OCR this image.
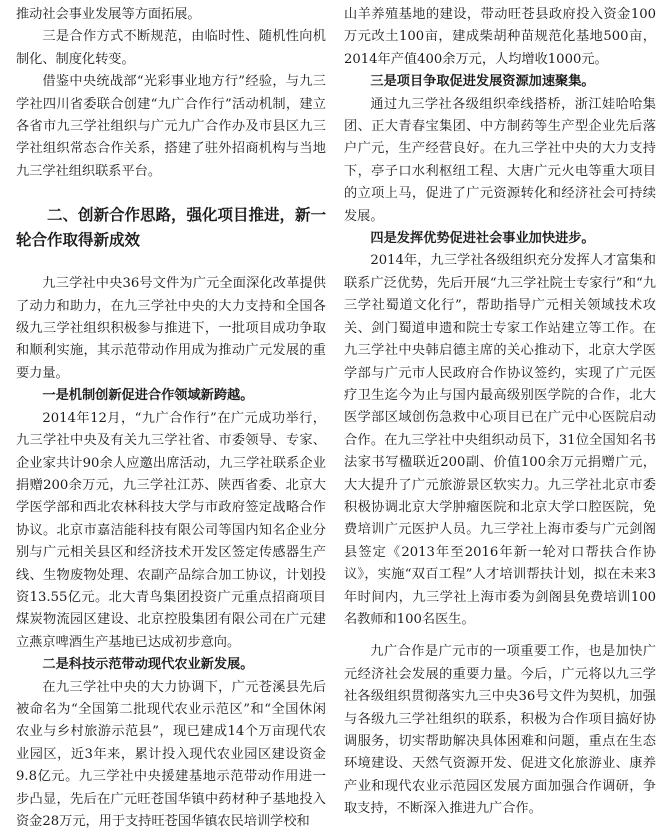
推动社会事业发展等方面拓展。

三是合作方式不断规范，由临时性、随机性向机制化、制度化转变。

借鉴中央统战部“光彩事业地方行”经验，与九三学社四川省委联合创建“九广合作行”活动机制，建立各省市九三学社组织与广元九广合作办及市县区九三学社组织常态合作关系，搭建了驻外招商机构与当地九三学社组织联系平台。

二、创新合作思路，强化项目推进，新一轮合作取得新成效

九三学社中央36号文件为广元全面深化改革提供了动力和助力，在九三学社中央的大力支持和全国各级九三学社组织积极参与推进下，一批项目成功争取和顺利实施，其示范带动作用成为推动广元发展的重要力量。

一是机制创新促进合作领域新跨越。

2014年12月，“九广合作行”在广元成功举行，九三学社中央及有关九三学社省、市委领导、专家、企业家共计90余人应邀出席活动，九三学社联系企业捐赠200余万元，九三学社江苏、陕西省委、北京大学医学部和西北农林科技大学与市政府签定战略合作协议。北京市嘉洁能科技有限公司等国内知名企业分别与广元相关县区和经济技术开发区签定传感器生产线、生物废物处理、农副产品综合加工协议，计划投资13.55亿元。北大青鸟集团投资广元重点招商项目煤炭物流园区建设、北京控股集团有限公司在广元建立燕京啤酒生产基地已达成初步意向。

二是科技示范带动现代农业新发展。

在九三学社中央的大力协调下，广元苍溪县先后被命名为“全国第二批现代农业示范区”和“全国休闲农业与乡村旅游示范县”，现已建成14个万亩现代农业园区，近3年来，累计投入现代农业园区建设资金9.8亿元。九三学社中央援建基地示范带动作用进一步凸显，先后在广元旺苍国华镇中药材种子基地投入资金28万元，用于支持旺苍国华镇农民培训学校和

山羊养殖基地的建设，带动旺苍县政府投入资金100万元改土100亩，建成柴胡种苗规范化基地500亩，2014年产值400余万元，人均增收1000元。

三是项目争取促进发展资源加速聚集。

通过九三学社各级组织牵线搭桥，浙江娃哈哈集团、正大青春宝集团、中方制药等生产型企业先后落户广元，生产经营良好。在九三学社中央的大力支持下，亭子口水利枢纽工程、大唐广元火电等重大项目的立项上马，促进了广元资源转化和经济社会可持续发展。

四是发挥优势促进社会事业加快进步。

2014年，九三学社各级组织充分发挥人才富集和联系广泛优势，先后开展“九三学社院士专家行”和“九三学社蜀道文化行”，帮助指导广元相关领域技术攻关、剑门蜀道申遗和院士专家工作站建立等工作。在九三学社中央韩启德主席的关心推动下，北京大学医学部与广元市人民政府合作协议签约，实现了广元医疗卫生迄今为止与国内最高级别医学院的合作，北大医学部区域创伤急救中心项目已在广元中心医院启动合作。在九三学社中央组织动员下，31位全国知名书法家书写楹联近200副、价值100余万元捐赠广元，大大提升了广元旅游景区软实力。九三学社北京市委积极协调北京大学肿瘤医院和北京大学口腔医院，免费培训广元医护人员。九三学社上海市委与广元剑阁县签定《2013年至2016年新一轮对口帮扶合作协议》，实施“双百工程”人才培训帮扶计划，拟在未来3年时间内，九三学社上海市委为剑阁县免费培训100名教师和100名医生。

九广合作是广元市的一项重要工作，也是加快广元经济社会发展的重要力量。今后，广元将以九三学社各级组织贯彻落实九三中央36号文件为契机，加强与各级九三学社组织的联系，积极为合作项目搞好协调服务，切实帮助解决具体困难和问题，重点在生态环境建设、天然气资源开发、促进文化旅游业、康养产业和现代农业示范园区发展方面加强合作调研，争取支持，不断深入推进九广合作。
